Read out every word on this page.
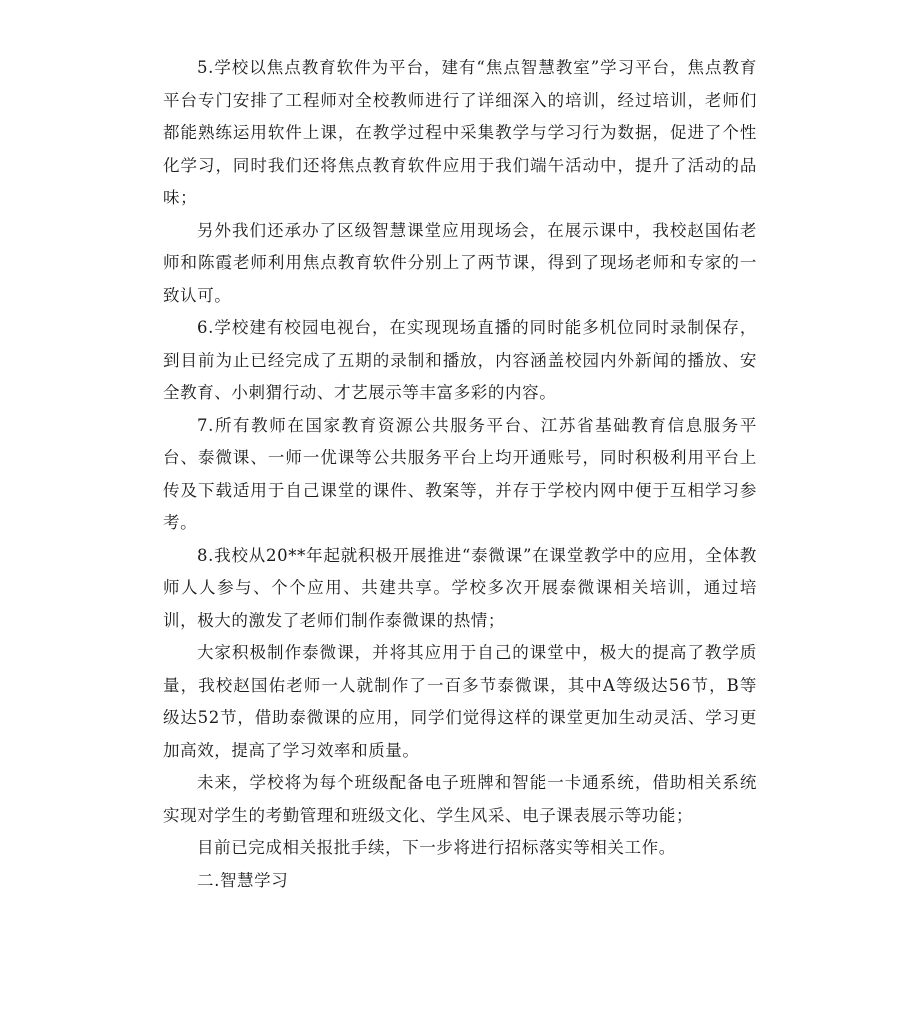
5.学校以焦点教育软件为平台，建有“焦点智慧教室”学习平台，焦点教育平台专门安排了工程师对全校教师进行了详细深入的培训，经过培训，老师们都能熟练运用软件上课，在教学过程中采集教学与学习行为数据，促进了个性化学习，同时我们还将焦点教育软件应用于我们端午活动中，提升了活动的品味；

另外我们还承办了区级智慧课堂应用现场会，在展示课中，我校赵国佑老师和陈霞老师利用焦点教育软件分别上了两节课，得到了现场老师和专家的一致认可。

6.学校建有校园电视台，在实现现场直播的同时能多机位同时录制保存，到目前为止已经完成了五期的录制和播放，内容涵盖校园内外新闻的播放、安全教育、小刺猬行动、才艺展示等丰富多彩的内容。

7.所有教师在国家教育资源公共服务平台、江苏省基础教育信息服务平台、泰微课、一师一优课等公共服务平台上均开通账号，同时积极利用平台上传及下载适用于自己课堂的课件、教案等，并存于学校内网中便于互相学习参考。

8.我校从20**年起就积极开展推进“泰微课”在课堂教学中的应用，全体教师人人参与、个个应用、共建共享。学校多次开展泰微课相关培训，通过培训，极大的激发了老师们制作泰微课的热情；

大家积极制作泰微课，并将其应用于自己的课堂中，极大的提高了教学质量，我校赵国佑老师一人就制作了一百多节泰微课，其中A等级达56节，B等级达52节，借助泰微课的应用，同学们觉得这样的课堂更加生动灵活、学习更加高效，提高了学习效率和质量。

未来，学校将为每个班级配备电子班牌和智能一卡通系统，借助相关系统实现对学生的考勤管理和班级文化、学生风采、电子课表展示等功能；

目前已完成相关报批手续，下一步将进行招标落实等相关工作。

二.智慧学习
